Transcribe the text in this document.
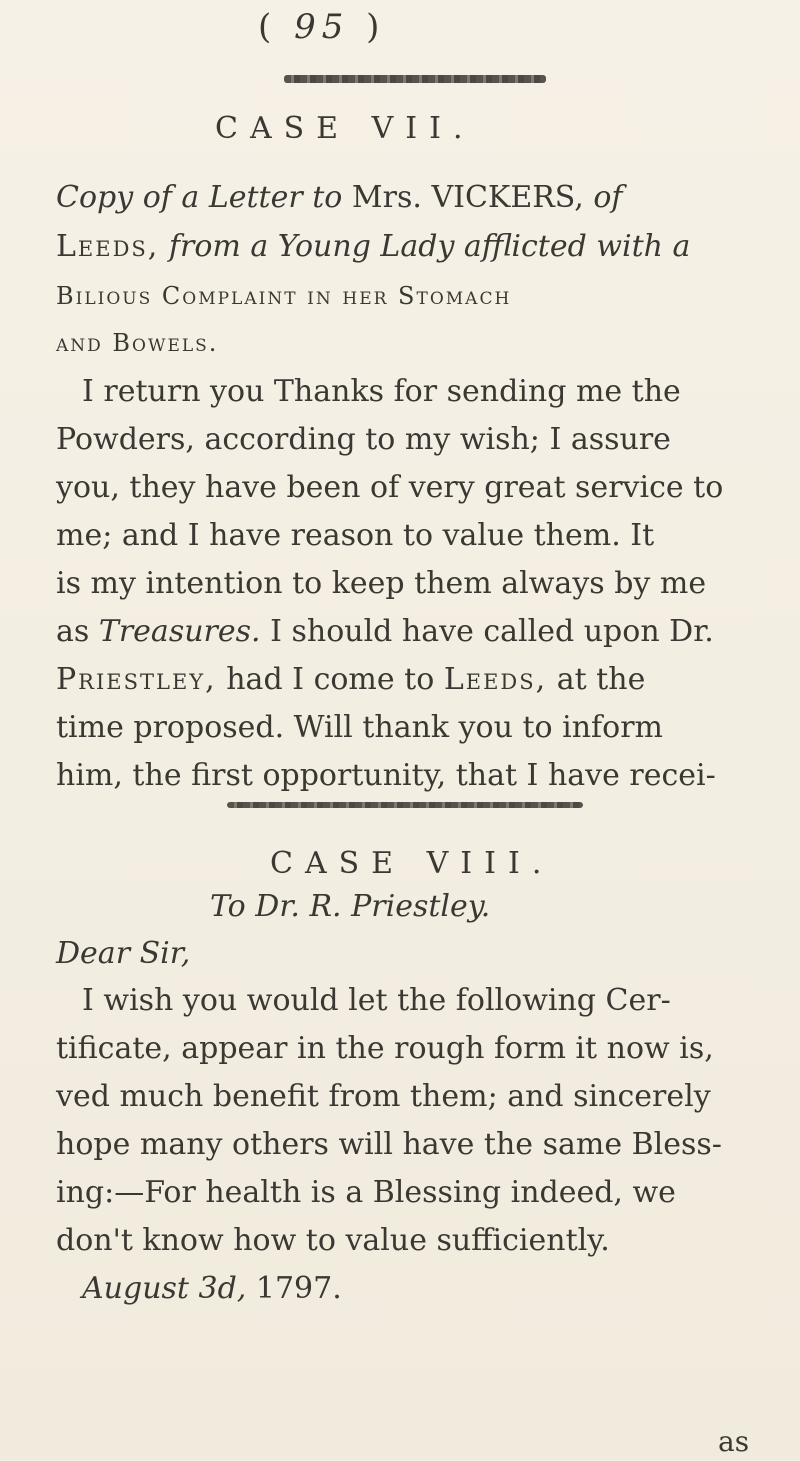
( 95 )
CASE VII.
Copy of a Letter to Mrs. VICKERS, of
Leeds, from a Young Lady afflicted with a
Bilious Complaint in her Stomach
and Bowels.
I return you Thanks for sending me the
Powders, according to my wish; I assure
you, they have been of very great service to
me; and I have reason to value them. It
is my intention to keep them always by me
as Treasures. I should have called upon Dr.
Priestley, had I come to Leeds, at the
time proposed. Will thank you to inform
him, the first opportunity, that I have recei-
CASE VIII.
To Dr. R. Priestley.
Dear Sir,
I wish you would let the following Cer-
tificate, appear in the rough form it now is,
ved much benefit from them; and sincerely
hope many others will have the same Bless-
ing:—For health is a Blessing indeed, we
don't know how to value sufficiently.
August 3d, 1797.
as
